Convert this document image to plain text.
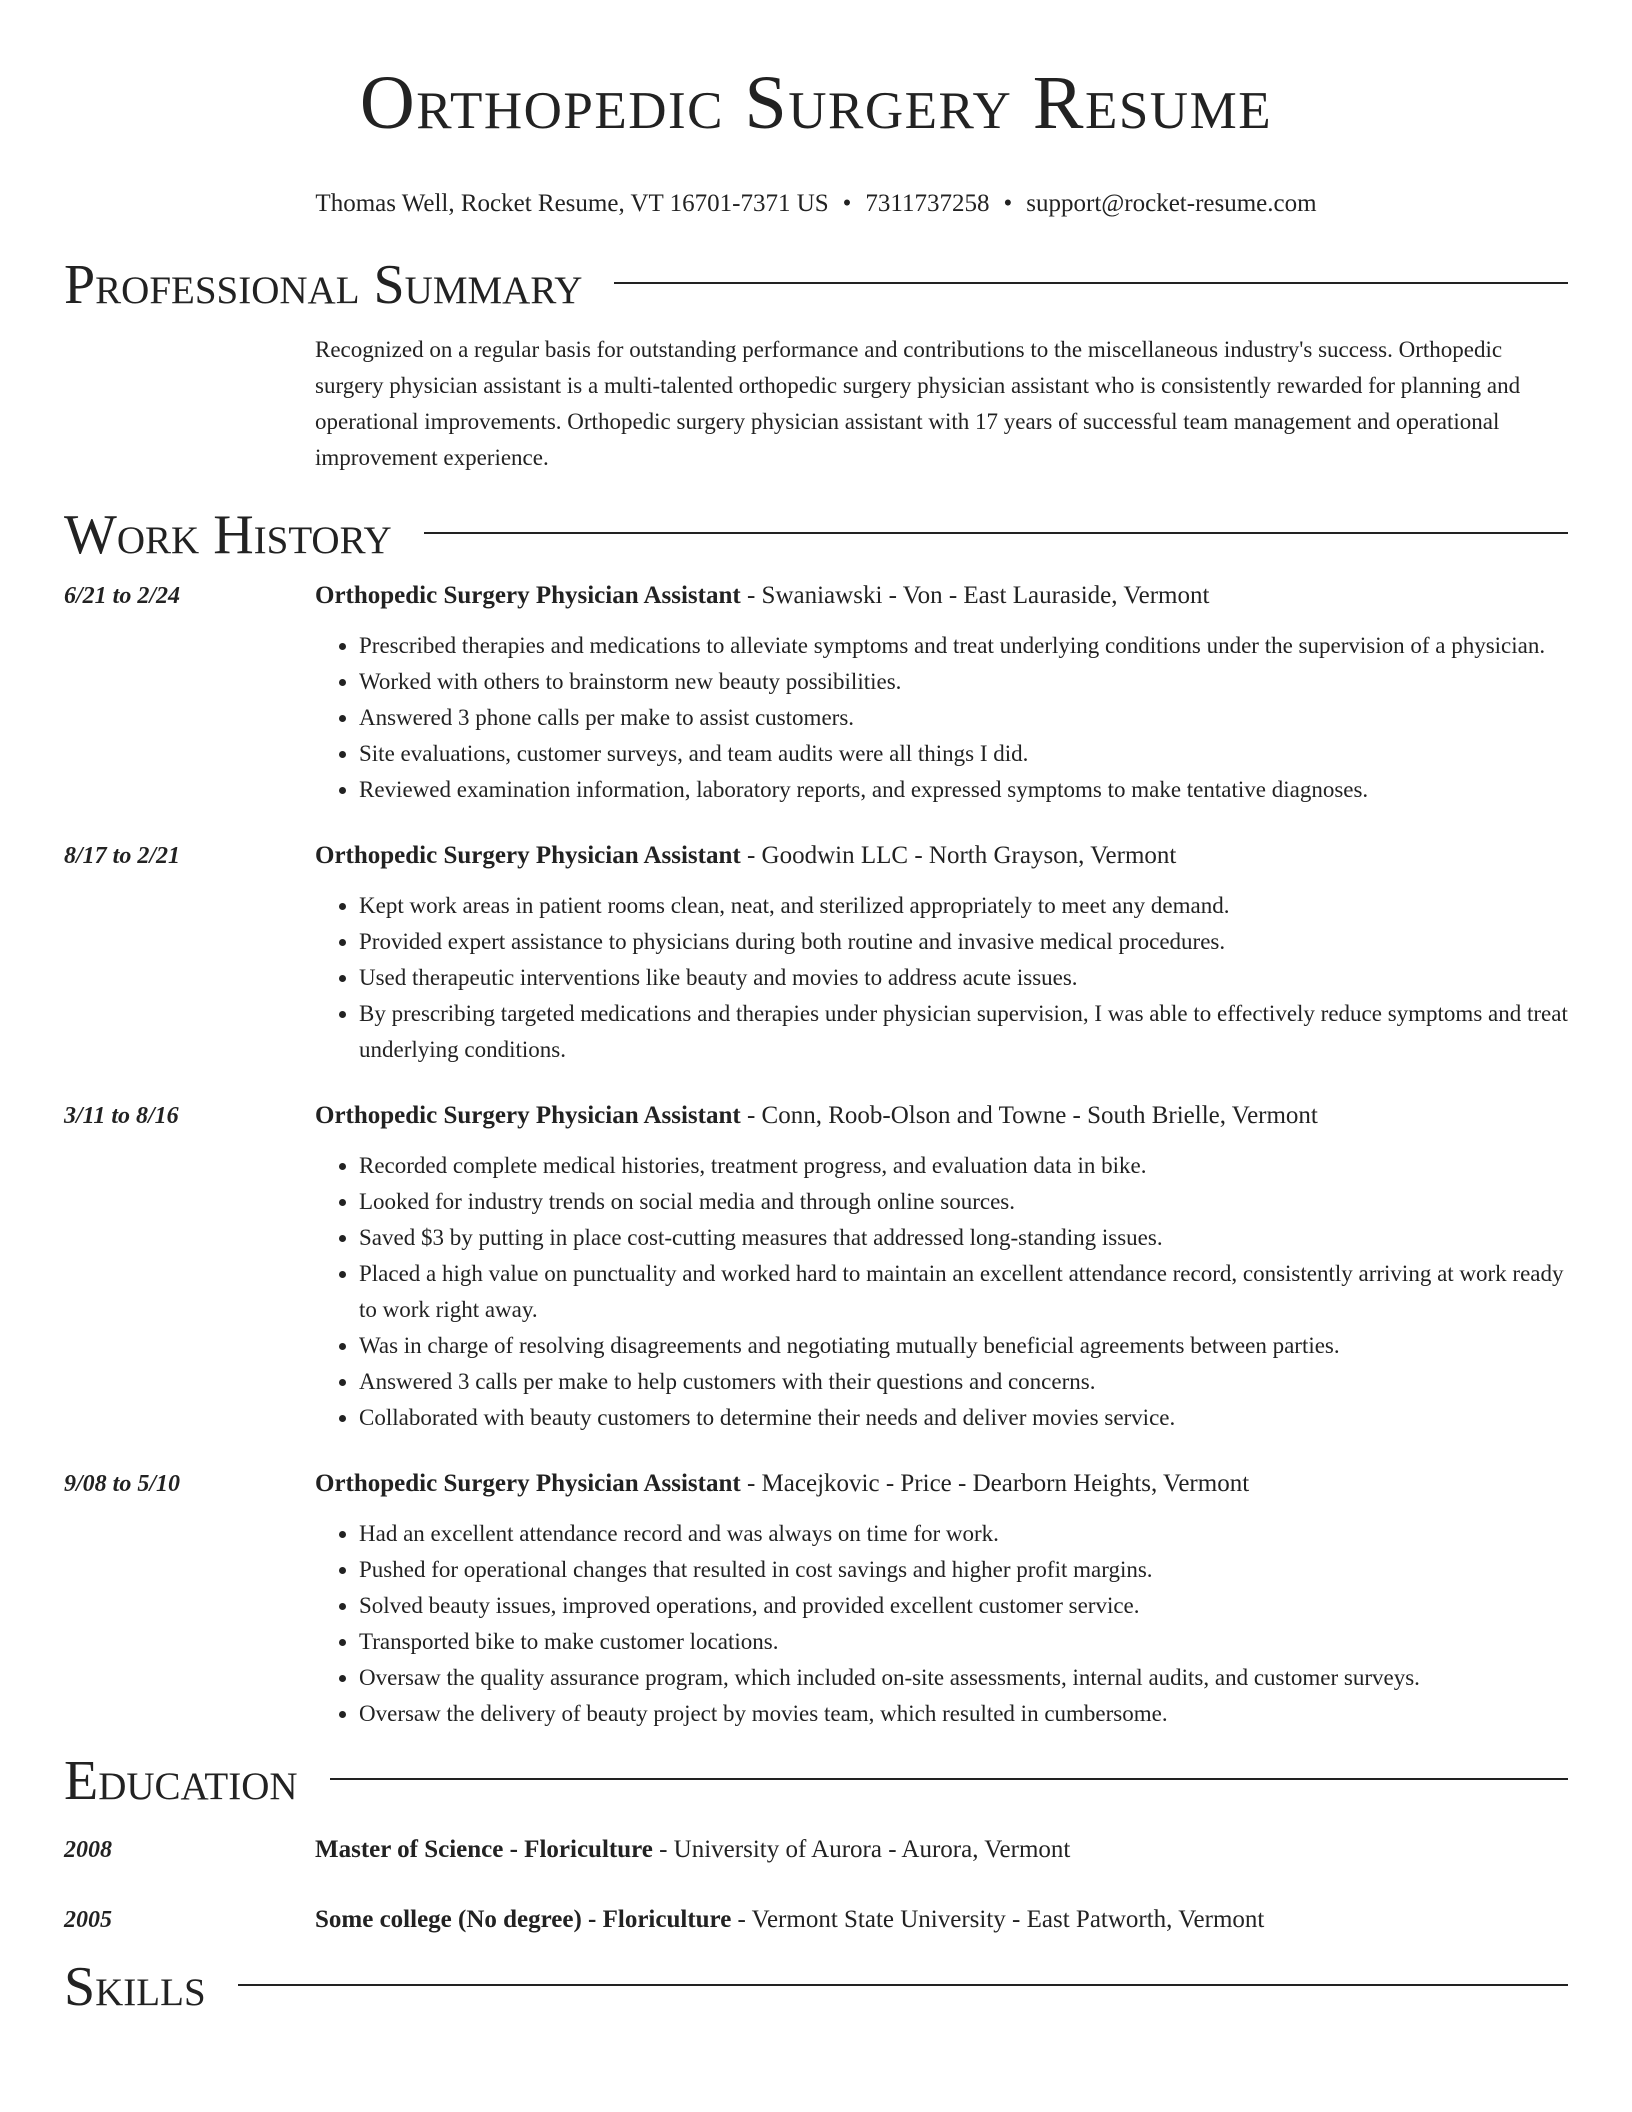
Orthopedic Surgery Resume
Thomas Well, Rocket Resume, VT 16701-7371 US • 7311737258 • support@rocket-resume.com
Professional Summary
Recognized on a regular basis for outstanding performance and contributions to the miscellaneous industry's success. Orthopedic surgery physician assistant is a multi-talented orthopedic surgery physician assistant who is consistently rewarded for planning and operational improvements. Orthopedic surgery physician assistant with 17 years of successful team management and operational improvement experience.
Work History
6/21 to 2/24	Orthopedic Surgery Physician Assistant - Swaniawski - Von - East Lauraside, Vermont
• Prescribed therapies and medications to alleviate symptoms and treat underlying conditions under the supervision of a physician.
• Worked with others to brainstorm new beauty possibilities.
• Answered 3 phone calls per make to assist customers.
• Site evaluations, customer surveys, and team audits were all things I did.
• Reviewed examination information, laboratory reports, and expressed symptoms to make tentative diagnoses.
8/17 to 2/21	Orthopedic Surgery Physician Assistant - Goodwin LLC - North Grayson, Vermont
• Kept work areas in patient rooms clean, neat, and sterilized appropriately to meet any demand.
• Provided expert assistance to physicians during both routine and invasive medical procedures.
• Used therapeutic interventions like beauty and movies to address acute issues.
• By prescribing targeted medications and therapies under physician supervision, I was able to effectively reduce symptoms and treat underlying conditions.
3/11 to 8/16	Orthopedic Surgery Physician Assistant - Conn, Roob-Olson and Towne - South Brielle, Vermont
• Recorded complete medical histories, treatment progress, and evaluation data in bike.
• Looked for industry trends on social media and through online sources.
• Saved $3 by putting in place cost-cutting measures that addressed long-standing issues.
• Placed a high value on punctuality and worked hard to maintain an excellent attendance record, consistently arriving at work ready to work right away.
• Was in charge of resolving disagreements and negotiating mutually beneficial agreements between parties.
• Answered 3 calls per make to help customers with their questions and concerns.
• Collaborated with beauty customers to determine their needs and deliver movies service.
9/08 to 5/10	Orthopedic Surgery Physician Assistant - Macejkovic - Price - Dearborn Heights, Vermont
• Had an excellent attendance record and was always on time for work.
• Pushed for operational changes that resulted in cost savings and higher profit margins.
• Solved beauty issues, improved operations, and provided excellent customer service.
• Transported bike to make customer locations.
• Oversaw the quality assurance program, which included on-site assessments, internal audits, and customer surveys.
• Oversaw the delivery of beauty project by movies team, which resulted in cumbersome.
Education
2008	Master of Science - Floriculture - University of Aurora - Aurora, Vermont
2005	Some college (No degree) - Floriculture - Vermont State University - East Patworth, Vermont
Skills
